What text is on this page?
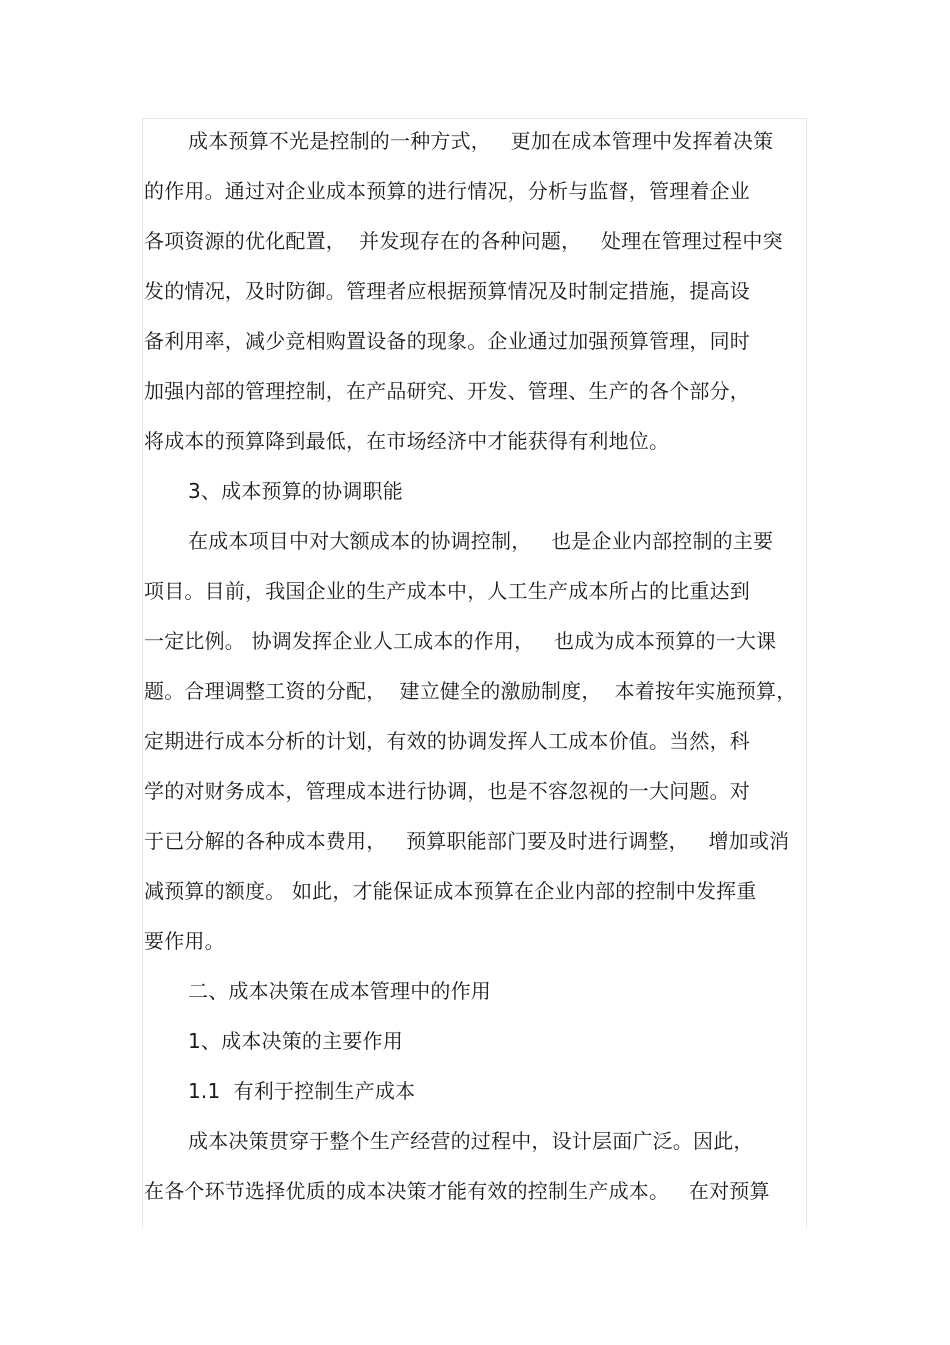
成本预算不光是控制的一种方式，   更加在成本管理中发挥着决策
的作用。通过对企业成本预算的进行情况，分析与监督，管理着企业
各项资源的优化配置，  并发现存在的各种问题，   处理在管理过程中突
发的情况，及时防御。管理者应根据预算情况及时制定措施，提高设
备利用率，减少竞相购置设备的现象。企业通过加强预算管理，同时
加强内部的管理控制，在产品研究、开发、管理、生产的各个部分，
将成本的预算降到最低，在市场经济中才能获得有利地位。
3、成本预算的协调职能
在成本项目中对大额成本的协调控制，   也是企业内部控制的主要
项目。目前，我国企业的生产成本中，人工生产成本所占的比重达到
一定比例。 协调发挥企业人工成本的作用，   也成为成本预算的一大课
题。合理调整工资的分配，  建立健全的激励制度，  本着按年实施预算，
定期进行成本分析的计划，有效的协调发挥人工成本价值。当然，科
学的对财务成本，管理成本进行协调，也是不容忽视的一大问题。对
于已分解的各种成本费用，   预算职能部门要及时进行调整，   增加或消
减预算的额度。 如此，才能保证成本预算在企业内部的控制中发挥重
要作用。
二、成本决策在成本管理中的作用
1、成本决策的主要作用
1.1  有利于控制生产成本
成本决策贯穿于整个生产经营的过程中，设计层面广泛。因此，
在各个环节选择优质的成本决策才能有效的控制生产成本。   在对预算
